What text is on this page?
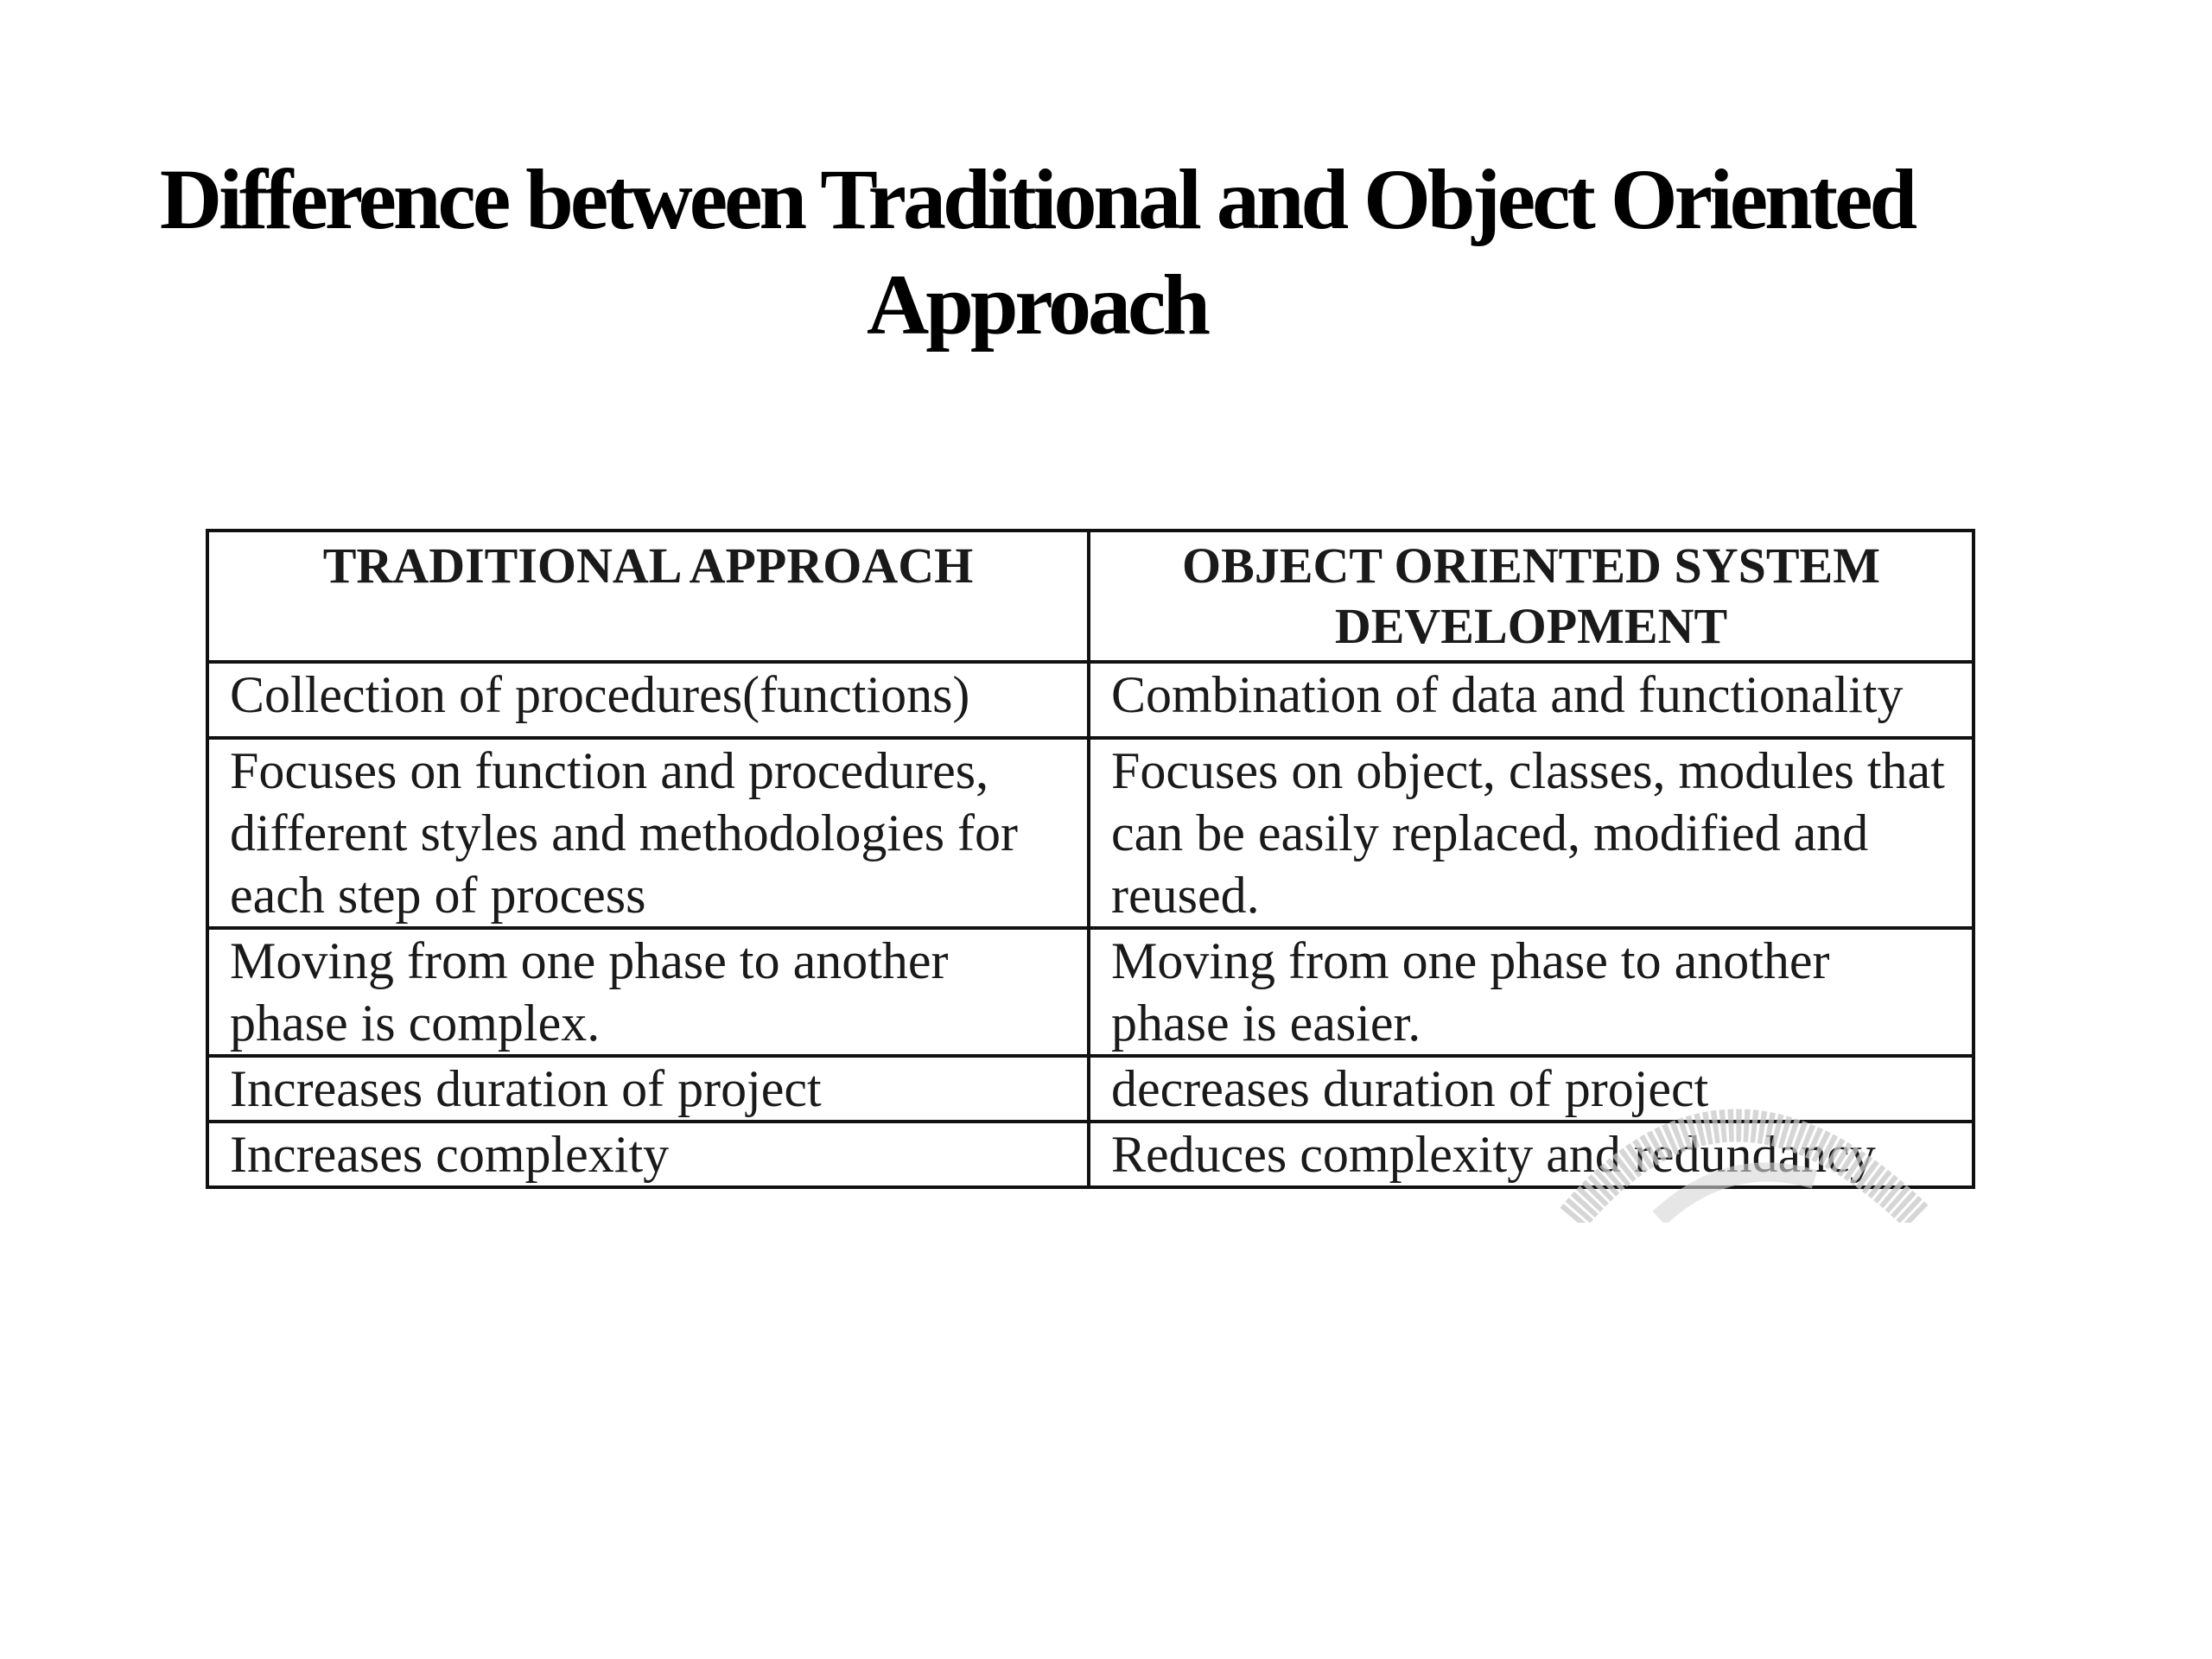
Difference between Traditional and Object Oriented
Approach
TRADITIONAL APPROACH	OBJECT ORIENTED SYSTEM DEVELOPMENT
Collection of procedures(functions)	Combination of data and functionality
Focuses on function and procedures, different styles and methodologies for each step of process	Focuses on object, classes, modules that can be easily replaced, modified and reused.
Moving from one phase to another phase is complex.	Moving from one phase to another phase is easier.
Increases duration of project	decreases duration of project
Increases complexity	Reduces complexity and redundancy
